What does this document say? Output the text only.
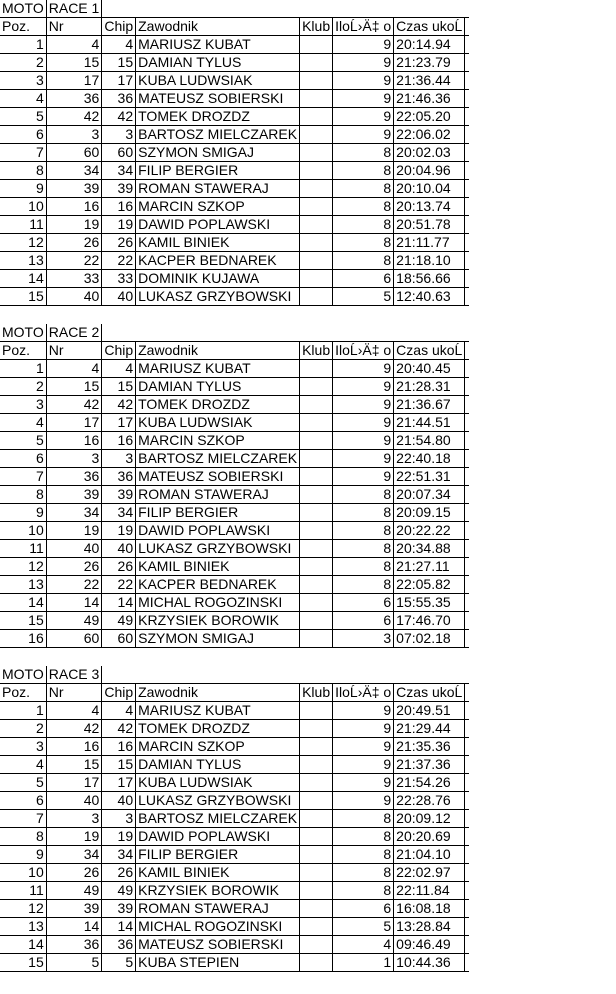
MOTO	RACE 1						
Poz.	Nr	Chip	Zawodnik	Klub	IloĹ›Ä‡ o	Czas ukoĹ	
1	4	4	MARIUSZ KUBAT		9	20:14.94	
2	15	15	DAMIAN TYLUS		9	21:23.79	
3	17	17	KUBA LUDWSIAK		9	21:36.44	
4	36	36	MATEUSZ SOBIERSKI		9	21:46.36	
5	42	42	TOMEK DROZDZ		9	22:05.20	
6	3	3	BARTOSZ MIELCZAREK		9	22:06.02	
7	60	60	SZYMON SMIGAJ		8	20:02.03	
8	34	34	FILIP BERGIER		8	20:04.96	
9	39	39	ROMAN STAWERAJ		8	20:10.04	
10	16	16	MARCIN SZKOP		8	20:13.74	
11	19	19	DAWID POPLAWSKI		8	20:51.78	
12	26	26	KAMIL BINIEK		8	21:11.77	
13	22	22	KACPER BEDNAREK		8	21:18.10	
14	33	33	DOMINIK KUJAWA		6	18:56.66	
15	40	40	LUKASZ GRZYBOWSKI		5	12:40.63	
MOTO	RACE 2						
Poz.	Nr	Chip	Zawodnik	Klub	IloĹ›Ä‡ o	Czas ukoĹ	
1	4	4	MARIUSZ KUBAT		9	20:40.45	
2	15	15	DAMIAN TYLUS		9	21:28.31	
3	42	42	TOMEK DROZDZ		9	21:36.67	
4	17	17	KUBA LUDWSIAK		9	21:44.51	
5	16	16	MARCIN SZKOP		9	21:54.80	
6	3	3	BARTOSZ MIELCZAREK		9	22:40.18	
7	36	36	MATEUSZ SOBIERSKI		9	22:51.31	
8	39	39	ROMAN STAWERAJ		8	20:07.34	
9	34	34	FILIP BERGIER		8	20:09.15	
10	19	19	DAWID POPLAWSKI		8	20:22.22	
11	40	40	LUKASZ GRZYBOWSKI		8	20:34.88	
12	26	26	KAMIL BINIEK		8	21:27.11	
13	22	22	KACPER BEDNAREK		8	22:05.82	
14	14	14	MICHAL ROGOZINSKI		6	15:55.35	
15	49	49	KRZYSIEK BOROWIK		6	17:46.70	
16	60	60	SZYMON SMIGAJ		3	07:02.18	
MOTO	RACE 3						
Poz.	Nr	Chip	Zawodnik	Klub	IloĹ›Ä‡ o	Czas ukoĹ	
1	4	4	MARIUSZ KUBAT		9	20:49.51	
2	42	42	TOMEK DROZDZ		9	21:29.44	
3	16	16	MARCIN SZKOP		9	21:35.36	
4	15	15	DAMIAN TYLUS		9	21:37.36	
5	17	17	KUBA LUDWSIAK		9	21:54.26	
6	40	40	LUKASZ GRZYBOWSKI		9	22:28.76	
7	3	3	BARTOSZ MIELCZAREK		8	20:09.12	
8	19	19	DAWID POPLAWSKI		8	20:20.69	
9	34	34	FILIP BERGIER		8	21:04.10	
10	26	26	KAMIL BINIEK		8	22:02.97	
11	49	49	KRZYSIEK BOROWIK		8	22:11.84	
12	39	39	ROMAN STAWERAJ		6	16:08.18	
13	14	14	MICHAL ROGOZINSKI		5	13:28.84	
14	36	36	MATEUSZ SOBIERSKI		4	09:46.49	
15	5	5	KUBA STEPIEN		1	10:44.36	
